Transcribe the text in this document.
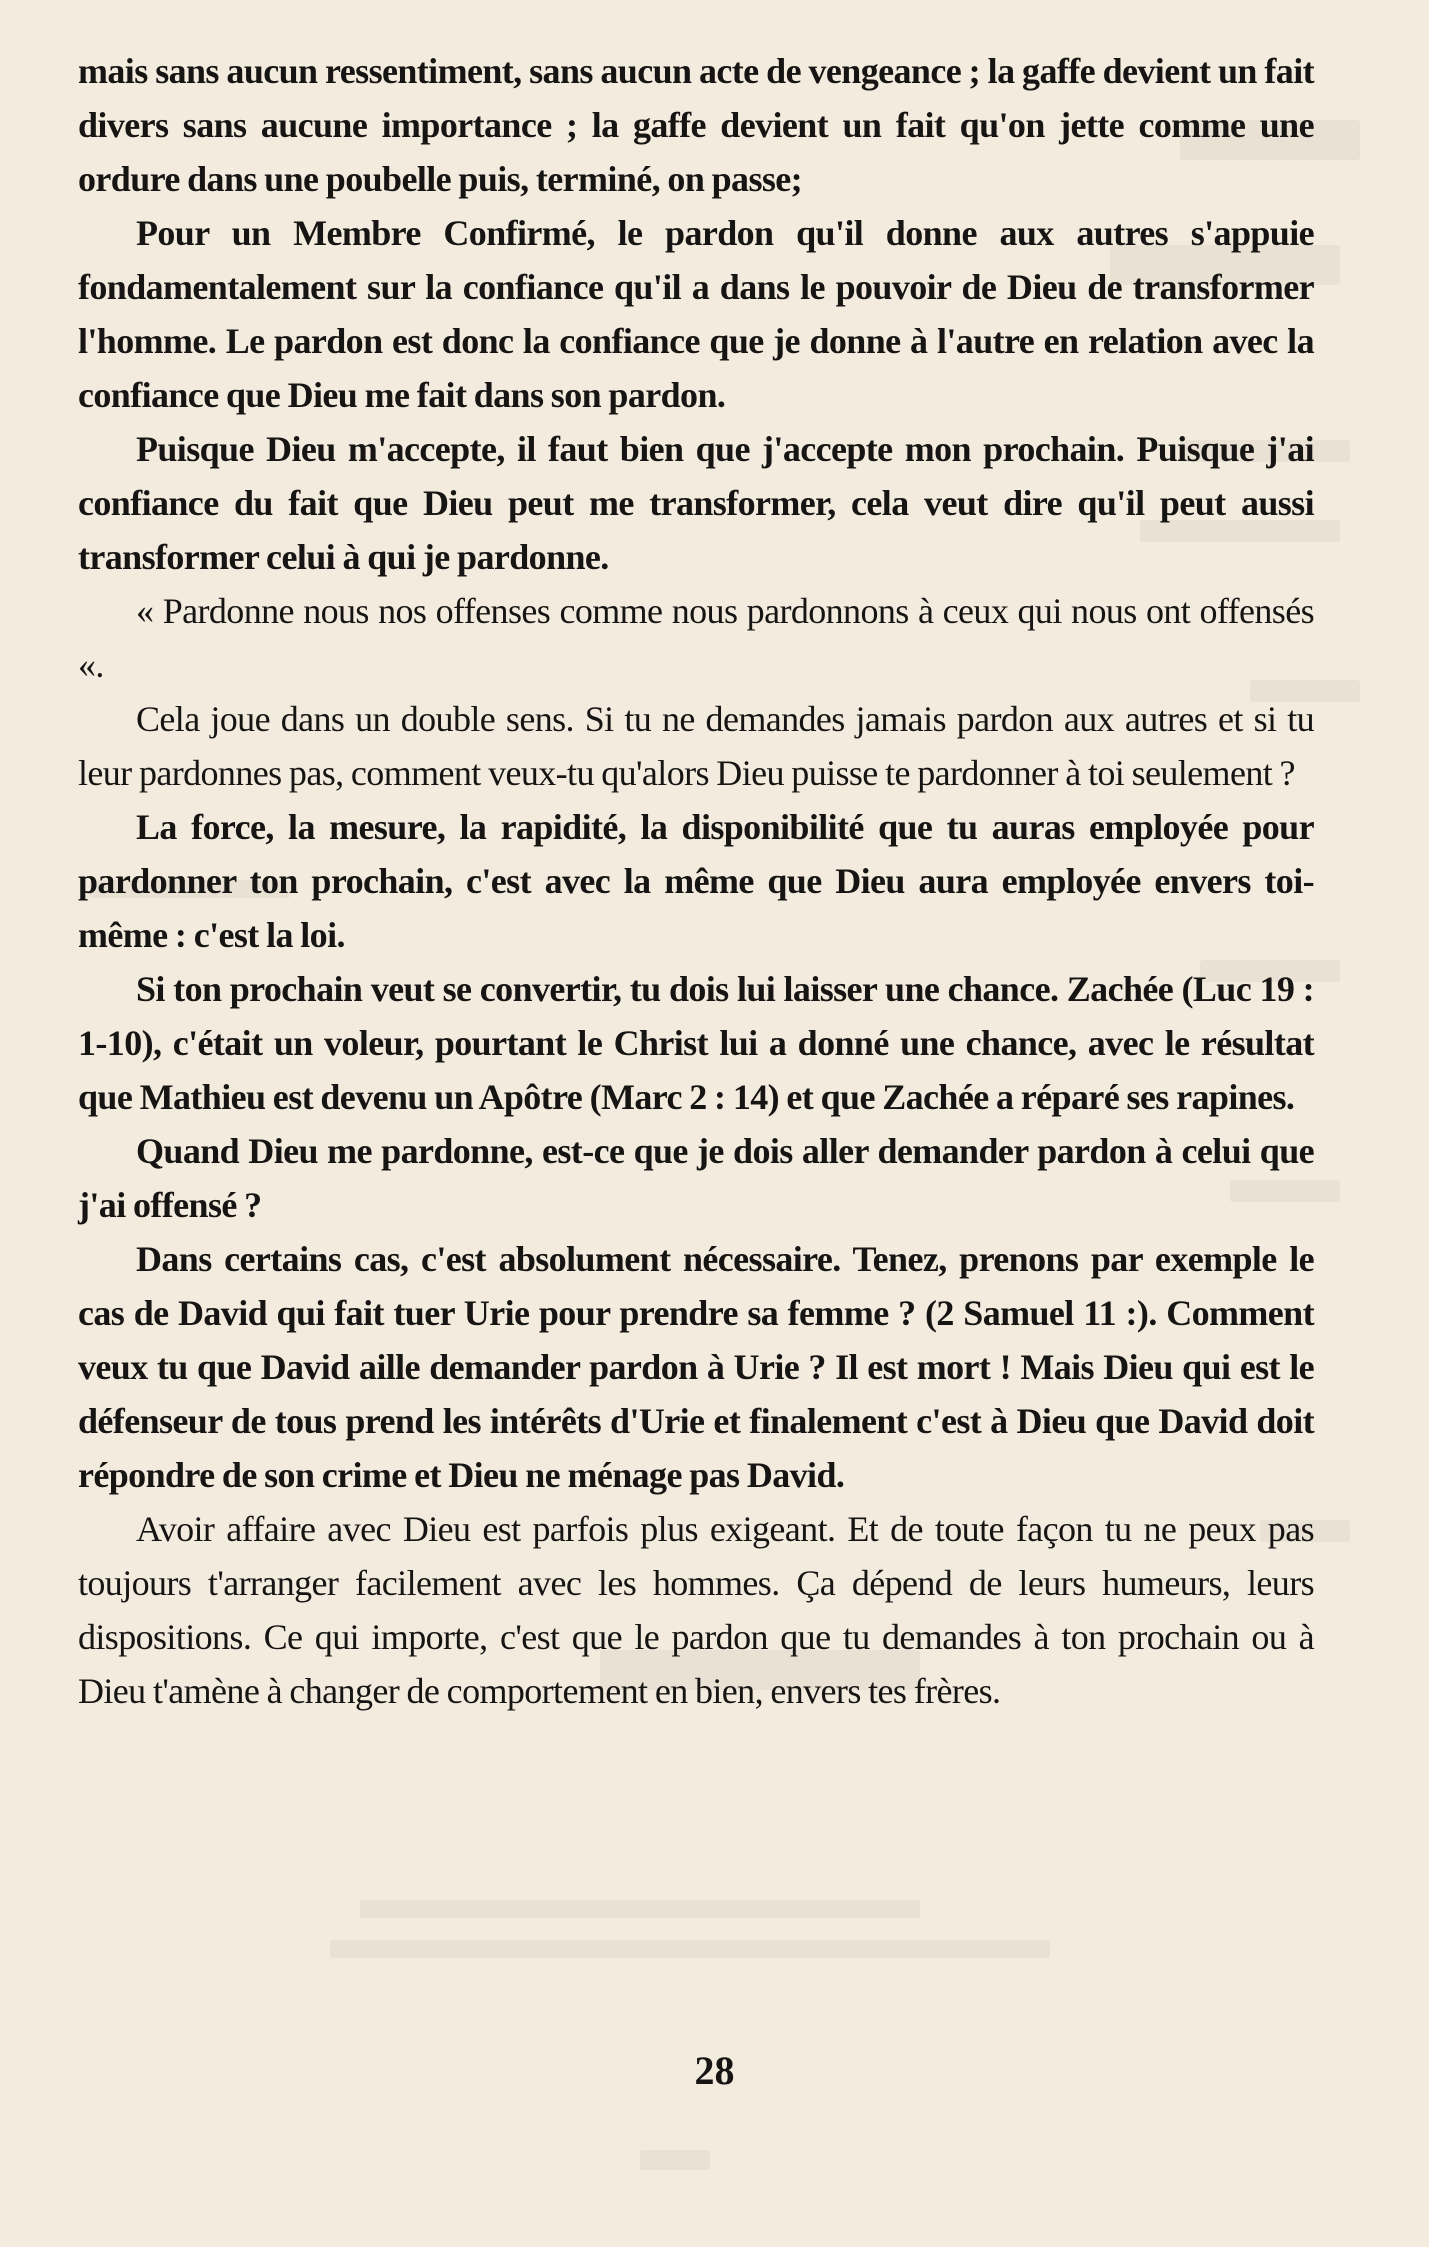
mais sans aucun ressentiment, sans aucun acte de vengeance ; la gaffe devient un fait divers sans aucune importance ; la gaffe devient un fait qu'on jette comme une ordure dans une poubelle puis, terminé, on passe;

Pour un Membre Confirmé, le pardon qu'il donne aux autres s'appuie fondamentalement sur la confiance qu'il a dans le pouvoir de Dieu de transformer l'homme. Le pardon est donc la confiance que je donne à l'autre en relation avec la confiance que Dieu me fait dans son pardon.

Puisque Dieu m'accepte, il faut bien que j'accepte mon prochain. Puisque j'ai confiance du fait que Dieu peut me transformer, cela veut dire qu'il peut aussi transformer celui à qui je pardonne.

« Pardonne nous nos offenses comme nous pardonnons à ceux qui nous ont offensés «.

Cela joue dans un double sens. Si tu ne demandes jamais pardon aux autres et si tu leur pardonnes pas, comment veux-tu qu'alors Dieu puisse te pardonner à toi seulement ?

La force, la mesure, la rapidité, la disponibilité que tu auras employée pour pardonner ton prochain, c'est avec la même que Dieu aura employée envers toi-même : c'est la loi.

Si ton prochain veut se convertir, tu dois lui laisser une chance. Zachée (Luc 19 : 1-10), c'était un voleur, pourtant le Christ lui a donné une chance, avec le résultat que Mathieu est devenu un Apôtre (Marc 2 : 14) et que Zachée a réparé ses rapines.

Quand Dieu me pardonne, est-ce que je dois aller demander pardon à celui que j'ai offensé ?

Dans certains cas, c'est absolument nécessaire. Tenez, prenons par exemple le cas de David qui fait tuer Urie pour prendre sa femme ? (2 Samuel 11 :). Comment veux tu que David aille demander pardon à Urie ? Il est mort ! Mais Dieu qui est le défenseur de tous prend les intérêts d'Urie et finalement c'est à Dieu que David doit répondre de son crime et Dieu ne ménage pas David.

Avoir affaire avec Dieu est parfois plus exigeant. Et de toute façon tu ne peux pas toujours t'arranger facilement avec les hommes. Ça dépend de leurs humeurs, leurs dispositions. Ce qui importe, c'est que le pardon que tu demandes à ton prochain ou à Dieu t'amène à changer de comportement en bien, envers tes frères.

28
